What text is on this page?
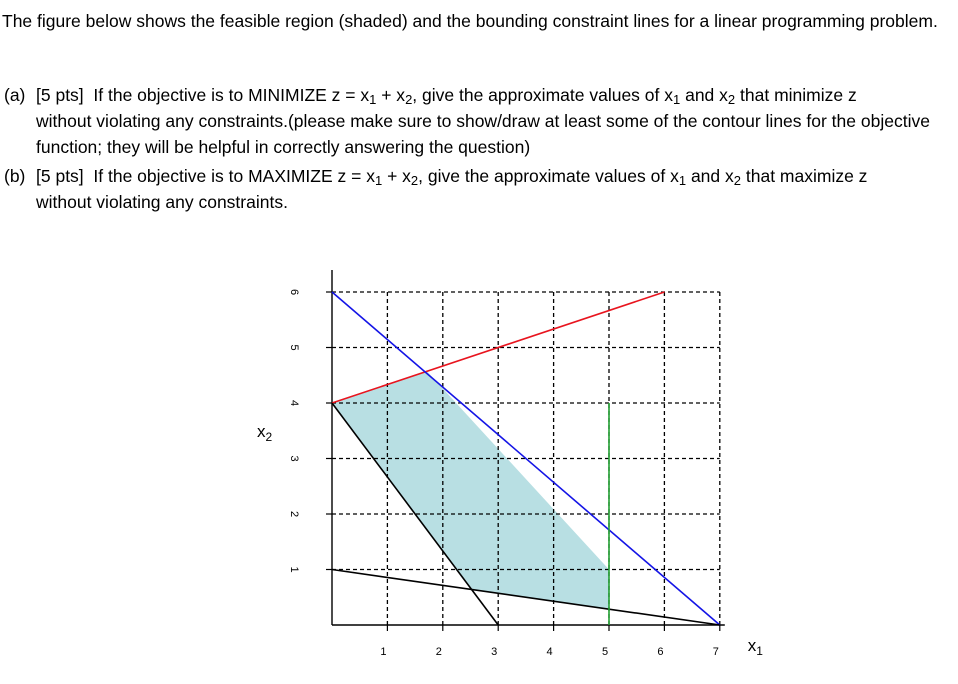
The figure below shows the feasible region (shaded) and the bounding constraint lines for a linear programming problem.
(a) [5 pts] If the objective is to MINIMIZE $z = x_1 + x_2$, give the approximate values of $x_1$ and $x_2$ that minimize z
without violating any constraints.(please make sure to show/draw at least some of the contour lines for the objective function; they will be helpful in correctly answering the question)
(b) [5 pts] If the objective is to MAXIMIZE $z = x_1 + x_2$, give the approximate values of $x_1$ and $x_2$ that maximize z
without violating any constraints.
1	2	3	4	5	6	7
1
2
3
4
5
6
$x_1$
$x_2$
